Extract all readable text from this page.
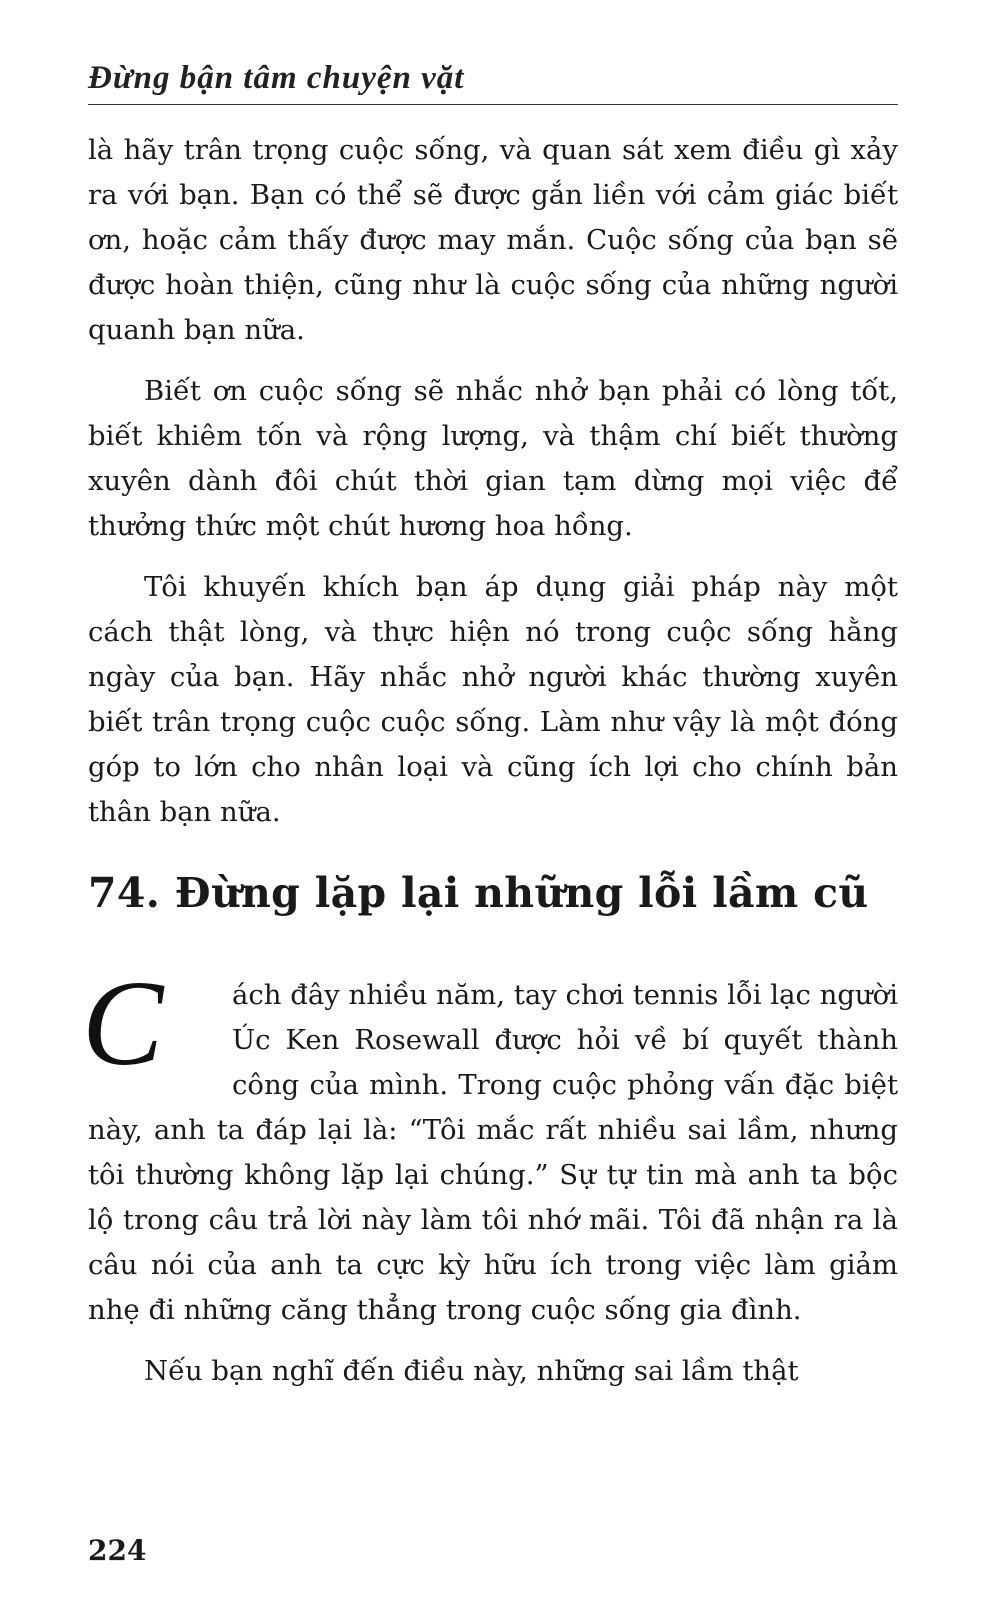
Đừng bận tâm chuyện vặt

là hãy trân trọng cuộc sống, và quan sát xem điều gì xảy ra với bạn. Bạn có thể sẽ được gắn liền với cảm giác biết ơn, hoặc cảm thấy được may mắn. Cuộc sống của bạn sẽ được hoàn thiện, cũng như là cuộc sống của những người quanh bạn nữa.

Biết ơn cuộc sống sẽ nhắc nhở bạn phải có lòng tốt, biết khiêm tốn và rộng lượng, và thậm chí biết thường xuyên dành đôi chút thời gian tạm dừng mọi việc để thưởng thức một chút hương hoa hồng.

Tôi khuyến khích bạn áp dụng giải pháp này một cách thật lòng, và thực hiện nó trong cuộc sống hằng ngày của bạn. Hãy nhắc nhở người khác thường xuyên biết trân trọng cuộc cuộc sống. Làm như vậy là một đóng góp to lớn cho nhân loại và cũng ích lợi cho chính bản thân bạn nữa.

74. Đừng lặp lại những lỗi lầm cũ

C	ách đây nhiều năm, tay chơi tennis lỗi lạc người Úc Ken Rosewall được hỏi về bí quyết thành công của mình. Trong cuộc phỏng vấn đặc biệt này, anh ta đáp lại là: “Tôi mắc rất nhiều sai lầm, nhưng tôi thường không lặp lại chúng.” Sự tự tin mà anh ta bộc lộ trong câu trả lời này làm tôi nhớ mãi. Tôi đã nhận ra là câu nói của anh ta cực kỳ hữu ích trong việc làm giảm nhẹ đi những căng thẳng trong cuộc sống gia đình.

Nếu bạn nghĩ đến điều này, những sai lầm thật

224
